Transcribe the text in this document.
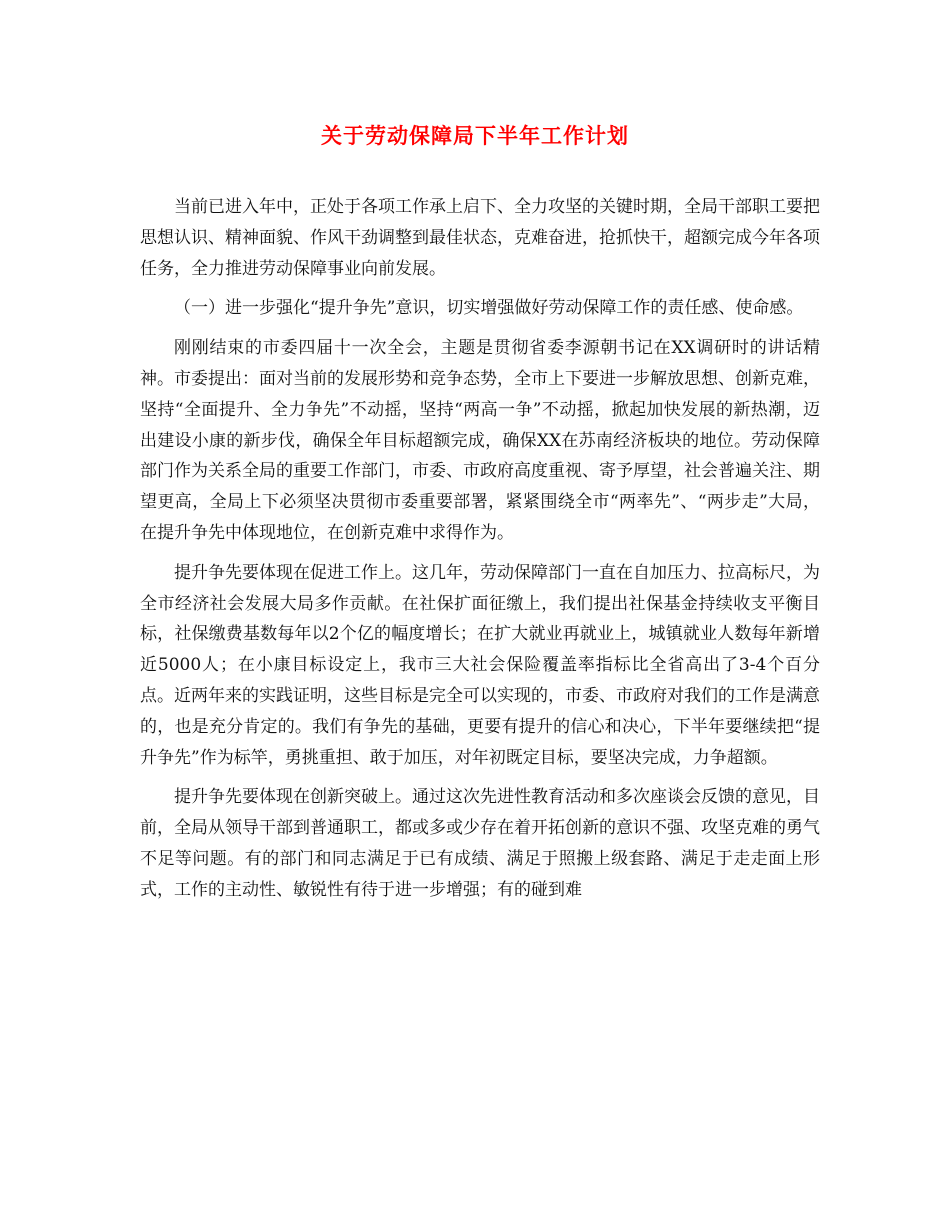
关于劳动保障局下半年工作计划

当前已进入年中，正处于各项工作承上启下、全力攻坚的关键时期，全局干部职工要把思想认识、精神面貌、作风干劲调整到最佳状态，克难奋进，抢抓快干，超额完成今年各项任务，全力推进劳动保障事业向前发展。

（一）进一步强化“提升争先”意识，切实增强做好劳动保障工作的责任感、使命感。

刚刚结束的市委四届十一次全会，主题是贯彻省委李源朝书记在XX调研时的讲话精神。市委提出：面对当前的发展形势和竞争态势，全市上下要进一步解放思想、创新克难，坚持“全面提升、全力争先”不动摇，坚持“两高一争”不动摇，掀起加快发展的新热潮，迈出建设小康的新步伐，确保全年目标超额完成，确保XX在苏南经济板块的地位。劳动保障部门作为关系全局的重要工作部门，市委、市政府高度重视、寄予厚望，社会普遍关注、期望更高，全局上下必须坚决贯彻市委重要部署，紧紧围绕全市“两率先”、“两步走”大局，在提升争先中体现地位，在创新克难中求得作为。

提升争先要体现在促进工作上。这几年，劳动保障部门一直在自加压力、拉高标尺，为全市经济社会发展大局多作贡献。在社保扩面征缴上，我们提出社保基金持续收支平衡目标，社保缴费基数每年以2个亿的幅度增长；在扩大就业再就业上，城镇就业人数每年新增近5000人；在小康目标设定上，我市三大社会保险覆盖率指标比全省高出了3-4个百分点。近两年来的实践证明，这些目标是完全可以实现的，市委、市政府对我们的工作是满意的，也是充分肯定的。我们有争先的基础，更要有提升的信心和决心，下半年要继续把“提升争先”作为标竿，勇挑重担、敢于加压，对年初既定目标，要坚决完成，力争超额。

提升争先要体现在创新突破上。通过这次先进性教育活动和多次座谈会反馈的意见，目前，全局从领导干部到普通职工，都或多或少存在着开拓创新的意识不强、攻坚克难的勇气不足等问题。有的部门和同志满足于已有成绩、满足于照搬上级套路、满足于走走面上形式，工作的主动性、敏锐性有待于进一步增强；有的碰到难
